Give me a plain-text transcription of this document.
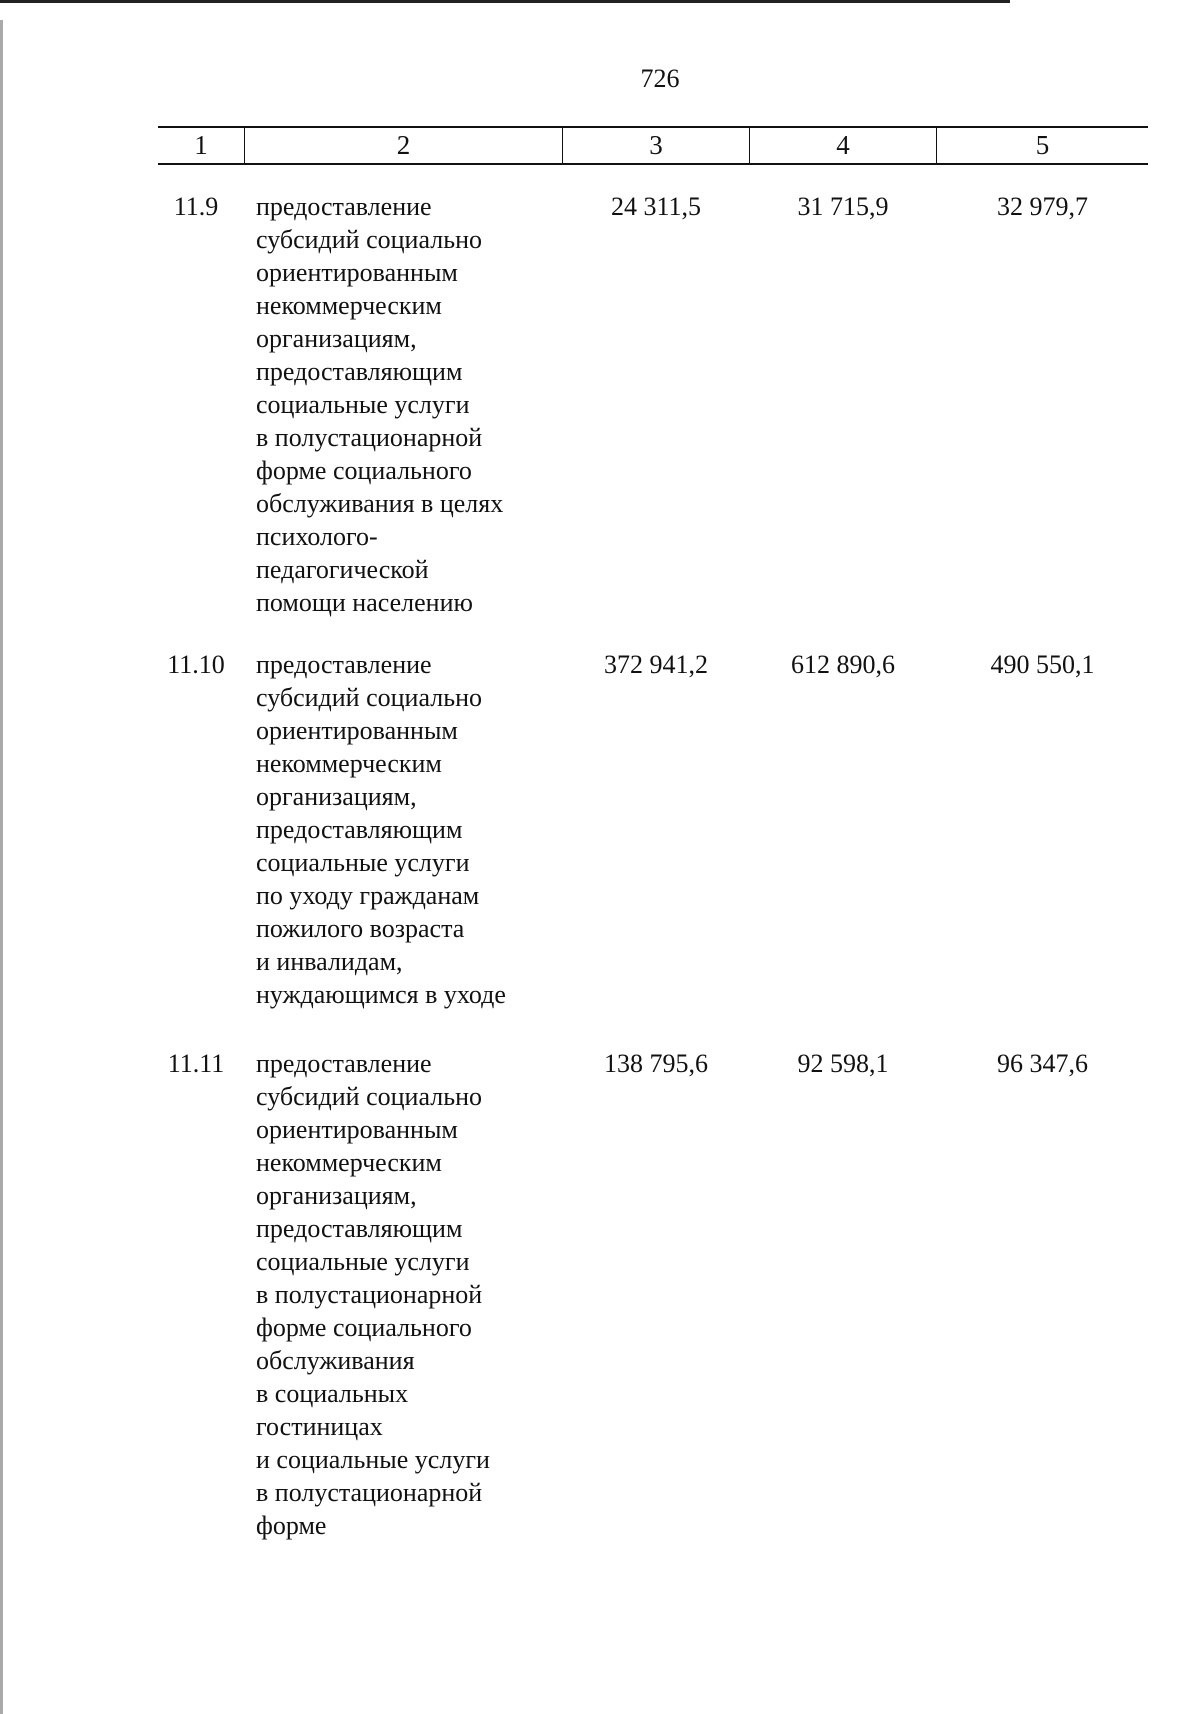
726
1	2	3	4	5
11.9	предоставление
субсидий социально
ориентированным
некоммерческим
организациям,
предоставляющим
социальные услуги
в полустационарной
форме социального
обслуживания в целях
психолого-
педагогической
помощи населению
24 311,5	31 715,9	32 979,7
11.10	предоставление
субсидий социально
ориентированным
некоммерческим
организациям,
предоставляющим
социальные услуги
по уходу гражданам
пожилого возраста
и инвалидам,
нуждающимся в уходе
372 941,2	612 890,6	490 550,1
11.11	предоставление
субсидий социально
ориентированным
некоммерческим
организациям,
предоставляющим
социальные услуги
в полустационарной
форме социального
обслуживания
в социальных
гостиницах
и социальные услуги
в полустационарной
форме
138 795,6	92 598,1	96 347,6
